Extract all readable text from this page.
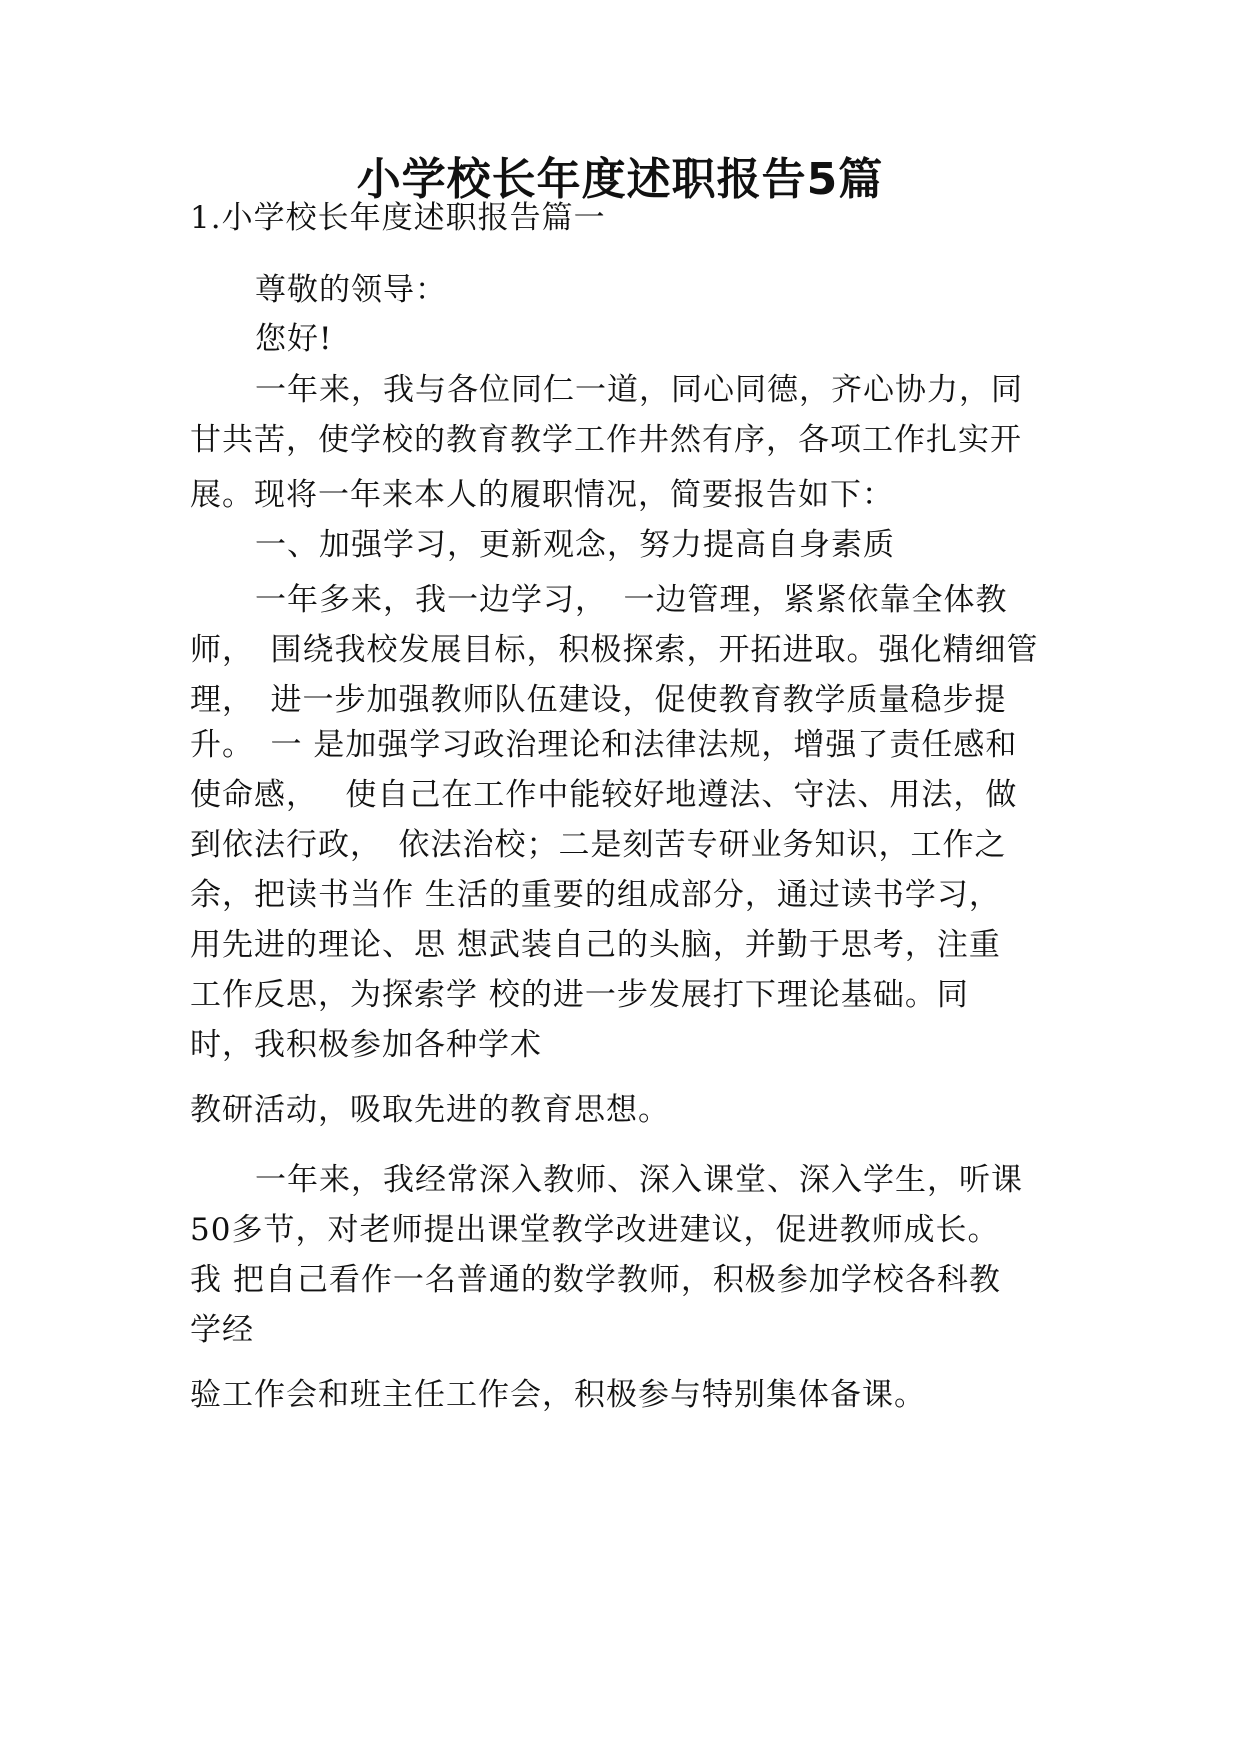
小学校长年度述职报告5篇
1.小学校长年度述职报告篇一
尊敬的领导：
您好!
一年来，我与各位同仁一道，同心同德，齐心协力，同
甘共苦，使学校的教育教学工作井然有序，各项工作扎实开
展。现将一年来本人的履职情况，简要报告如下：
一、加强学习，更新观念，努力提高自身素质
一年多来，我一边学习，　一边管理，紧紧依靠全体教
师，　围绕我校发展目标，积极探索，开拓进取。强化精细管
理，　进一步加强教师队伍建设，促使教育教学质量稳步提
升。　一 是加强学习政治理论和法律法规，增强了责任感和
使命感，　 使自己在工作中能较好地遵法、守法、用法，做
到依法行政，　依法治校；二是刻苦专研业务知识，工作之
余，把读书当作 生活的重要的组成部分，通过读书学习，
用先进的理论、思 想武装自己的头脑，并勤于思考，注重
工作反思，为探索学 校的进一步发展打下理论基础。同
时，我积极参加各种学术
教研活动，吸取先进的教育思想。
一年来，我经常深入教师、深入课堂、深入学生，听课
50多节，对老师提出课堂教学改进建议，促进教师成长。
我 把自己看作一名普通的数学教师，积极参加学校各科教
学经
验工作会和班主任工作会，积极参与特别集体备课。
